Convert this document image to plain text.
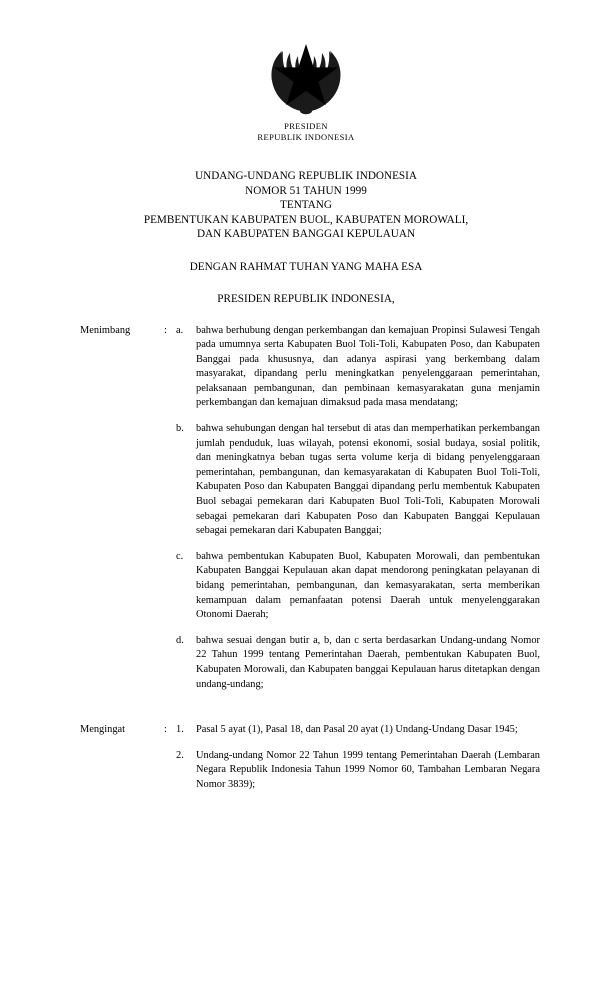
PRESIDEN
REPUBLIK INDONESIA
UNDANG-UNDANG REPUBLIK INDONESIA
NOMOR 51 TAHUN 1999
TENTANG
PEMBENTUKAN KABUPATEN BUOL, KABUPATEN MOROWALI,
DAN KABUPATEN BANGGAI KEPULAUAN
DENGAN RAHMAT TUHAN YANG MAHA ESA
PRESIDEN REPUBLIK INDONESIA,
Menimbang	: a.	bahwa berhubung dengan perkembangan dan kemajuan Propinsi Sulawesi Tengah pada umumnya serta Kabupaten Buol Toli-Toli, Kabupaten Poso, dan Kabupaten Banggai pada khususnya, dan adanya aspirasi yang berkembang dalam masyarakat, dipandang perlu meningkatkan penyelenggaraan pemerintahan, pelaksanaan pembangunan, dan pembinaan kemasyarakatan guna menjamin perkembangan dan kemajuan dimaksud pada masa mendatang;
b.	bahwa sehubungan dengan hal tersebut di atas dan memperhatikan perkembangan jumlah penduduk, luas wilayah, potensi ekonomi, sosial budaya, sosial politik, dan meningkatnya beban tugas serta volume kerja di bidang penyelenggaraan pemerintahan, pembangunan, dan kemasyarakatan di Kabupaten Buol Toli-Toli, Kabupaten Poso dan Kabupaten Banggai dipandang perlu membentuk Kabupaten Buol sebagai pemekaran dari Kabupaten Buol Toli-Toli, Kabupaten Morowali sebagai pemekaran dari Kabupaten Poso dan Kabupaten Banggai Kepulauan sebagai pemekaran dari Kabupaten Banggai;
c.	bahwa pembentukan Kabupaten Buol, Kabupaten Morowali, dan pembentukan Kabupaten Banggai Kepulauan akan dapat mendorong peningkatan pelayanan di bidang pemerintahan, pembangunan, dan kemasyarakatan, serta memberikan kemampuan dalam pemanfaatan potensi Daerah untuk menyelenggarakan Otonomi Daerah;
d.	bahwa sesuai dengan butir a, b, dan c serta berdasarkan Undang-undang Nomor 22 Tahun 1999 tentang Pemerintahan Daerah, pembentukan Kabupaten Buol, Kabupaten Morowali, dan Kabupaten banggai Kepulauan harus ditetapkan dengan undang-undang;
Mengingat	: 1.	Pasal 5 ayat (1), Pasal 18, dan Pasal 20 ayat (1) Undang-Undang Dasar 1945;
2.	Undang-undang Nomor 22 Tahun 1999 tentang Pemerintahan Daerah (Lembaran Negara Republik Indonesia Tahun 1999 Nomor 60, Tambahan Lembaran Negara Nomor 3839);
